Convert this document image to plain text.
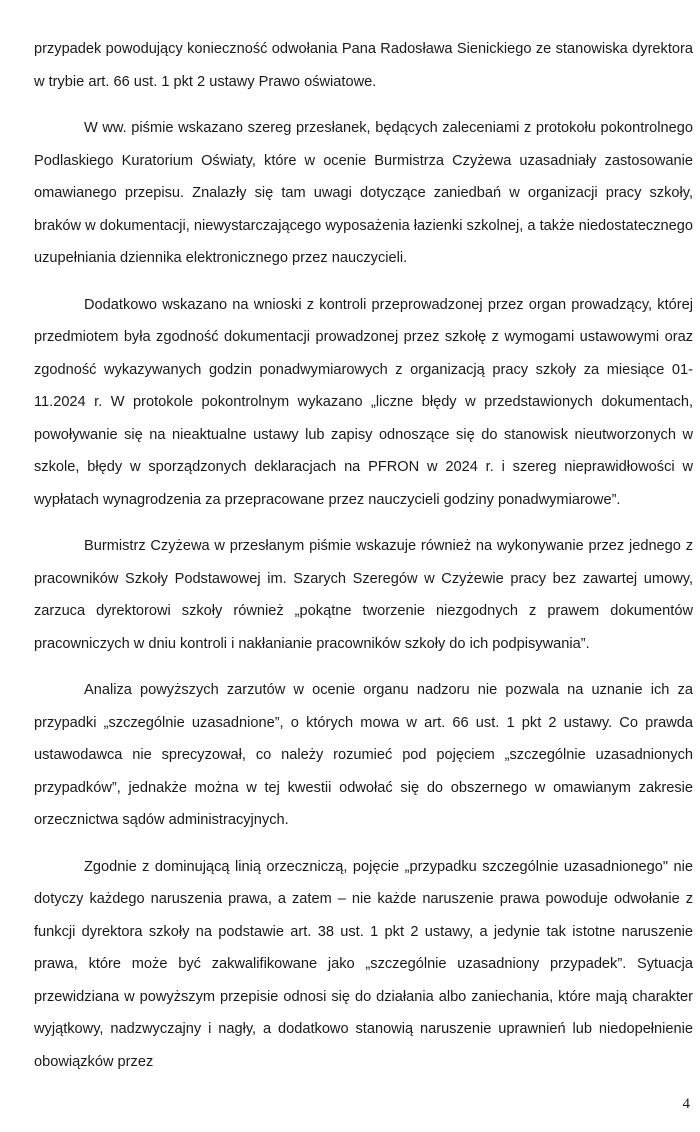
przypadek powodujący konieczność odwołania Pana Radosława Sienickiego ze stanowiska dyrektora w trybie art. 66 ust. 1 pkt 2 ustawy Prawo oświatowe.

W ww. piśmie wskazano szereg przesłanek, będących zaleceniami z protokołu pokontrolnego Podlaskiego Kuratorium Oświaty, które w ocenie Burmistrza Czyżewa uzasadniały zastosowanie omawianego przepisu. Znalazły się tam uwagi dotyczące zaniedbań w organizacji pracy szkoły, braków w dokumentacji, niewystarczającego wyposażenia łazienki szkolnej, a także niedostatecznego uzupełniania dziennika elektronicznego przez nauczycieli.

Dodatkowo wskazano na wnioski z kontroli przeprowadzonej przez organ prowadzący, której przedmiotem była zgodność dokumentacji prowadzonej przez szkołę z wymogami ustawowymi oraz zgodność wykazywanych godzin ponadwymiarowych z organizacją pracy szkoły za miesiące 01-11.2024 r. W protokole pokontrolnym wykazano „liczne błędy w przedstawionych dokumentach, powoływanie się na nieaktualne ustawy lub zapisy odnoszące się do stanowisk nieutworzonych w szkole, błędy w sporządzonych deklaracjach na PFRON w 2024 r. i szereg nieprawidłowości w wypłatach wynagrodzenia za przepracowane przez nauczycieli godziny ponadwymiarowe”.

Burmistrz Czyżewa w przesłanym piśmie wskazuje również na wykonywanie przez jednego z pracowników Szkoły Podstawowej im. Szarych Szeregów w Czyżewie pracy bez zawartej umowy, zarzuca dyrektorowi szkoły również „pokątne tworzenie niezgodnych z prawem dokumentów pracowniczych w dniu kontroli i nakłanianie pracowników szkoły do ich podpisywania”.

Analiza powyższych zarzutów w ocenie organu nadzoru nie pozwala na uznanie ich za przypadki „szczególnie uzasadnione”, o których mowa w art. 66 ust. 1 pkt 2 ustawy. Co prawda ustawodawca nie sprecyzował, co należy rozumieć pod pojęciem „szczególnie uzasadnionych przypadków”, jednakże można w tej kwestii odwołać się do obszernego w omawianym zakresie orzecznictwa sądów administracyjnych.

Zgodnie z dominującą linią orzeczniczą, pojęcie „przypadku szczególnie uzasadnionego" nie dotyczy każdego naruszenia prawa, a zatem – nie każde naruszenie prawa powoduje odwołanie z funkcji dyrektora szkoły na podstawie art. 38 ust. 1 pkt 2 ustawy, a jedynie tak istotne naruszenie prawa, które może być zakwalifikowane jako „szczególnie uzasadniony przypadek”. Sytuacja przewidziana w powyższym przepisie odnosi się do działania albo zaniechania, które mają charakter wyjątkowy, nadzwyczajny i nagły, a dodatkowo stanowią naruszenie uprawnień lub niedopełnienie obowiązków przez

4
